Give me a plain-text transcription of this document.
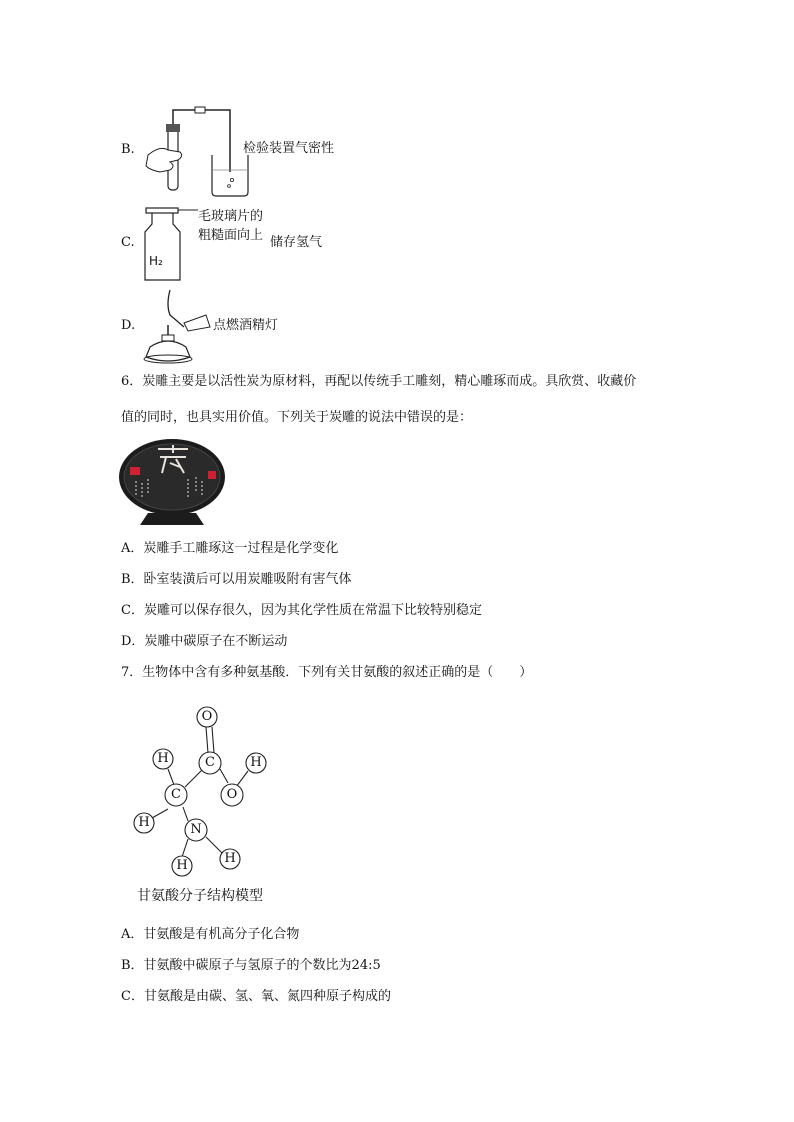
B.	检验装置气密性
C.
H₂
毛玻璃片的
粗糙面向上 储存氢气
D.	点燃酒精灯
6．炭雕主要是以活性炭为原材料，再配以传统手工雕刻，精心雕琢而成。具欣赏、收藏价
值的同时，也具实用价值。下列关于炭雕的说法中错误的是：
A．炭雕手工雕琢这一过程是化学变化
B．卧室装潢后可以用炭雕吸附有害气体
C．炭雕可以保存很久，因为其化学性质在常温下比较特别稳定
D．炭雕中碳原子在不断运动
7．生物体中含有多种氨基酸．下列有关甘氨酸的叙述正确的是（　　）
O
C	H
O
H
C
H	N
H	H
甘氨酸分子结构模型
A．甘氨酸是有机高分子化合物
B．甘氨酸中碳原子与氢原子的个数比为24:5
C．甘氨酸是由碳、氢、氧、氮四种原子构成的
